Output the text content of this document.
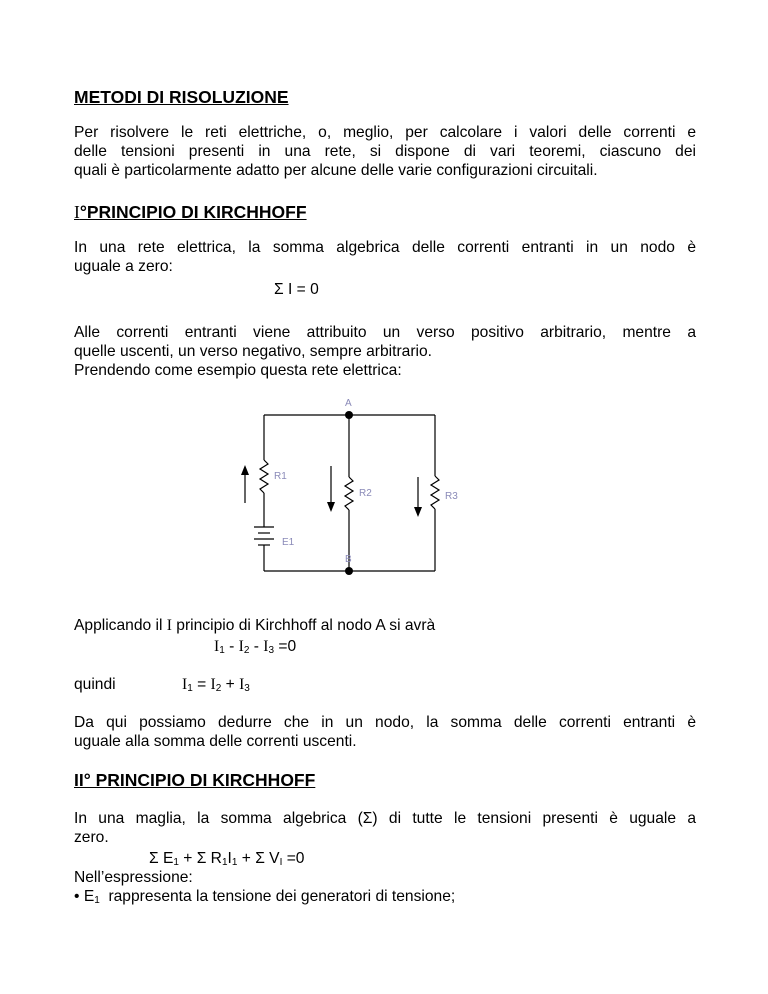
METODI DI RISOLUZIONE
Per risolvere le reti elettriche, o, meglio, per calcolare i valori delle correnti e
delle tensioni presenti in una rete, si dispone di vari teoremi, ciascuno dei
quali è particolarmente adatto per alcune delle varie configurazioni circuitali.
I°PRINCIPIO DI KIRCHHOFF
In una rete elettrica, la somma algebrica delle correnti entranti in un nodo è
uguale a zero:
Σ I = 0
Alle correnti entranti viene attribuito un verso positivo arbitrario, mentre a
quelle uscenti, un verso negativo, sempre arbitrario.
Prendendo come esempio questa rete elettrica:
A
B
R1
R2	R3
E1
Applicando il I principio di Kirchhoff al nodo A si avrà
$I_1 - I_2 - I_3 =0$
quindi	$I_1 = I_2 + I_3$
Da qui possiamo dedurre che in un nodo, la somma delle correnti entranti è
uguale alla somma delle correnti uscenti.
II° PRINCIPIO DI KIRCHHOFF
In una maglia, la somma algebrica (Σ) di tutte le tensioni presenti è uguale a
zero.
Σ $E_1 + \Sigma$ $R_1I_1 + \Sigma$ $V_I =0$
Nell’espressione:
• $E_1$  rappresenta la tensione dei generatori di tensione;
